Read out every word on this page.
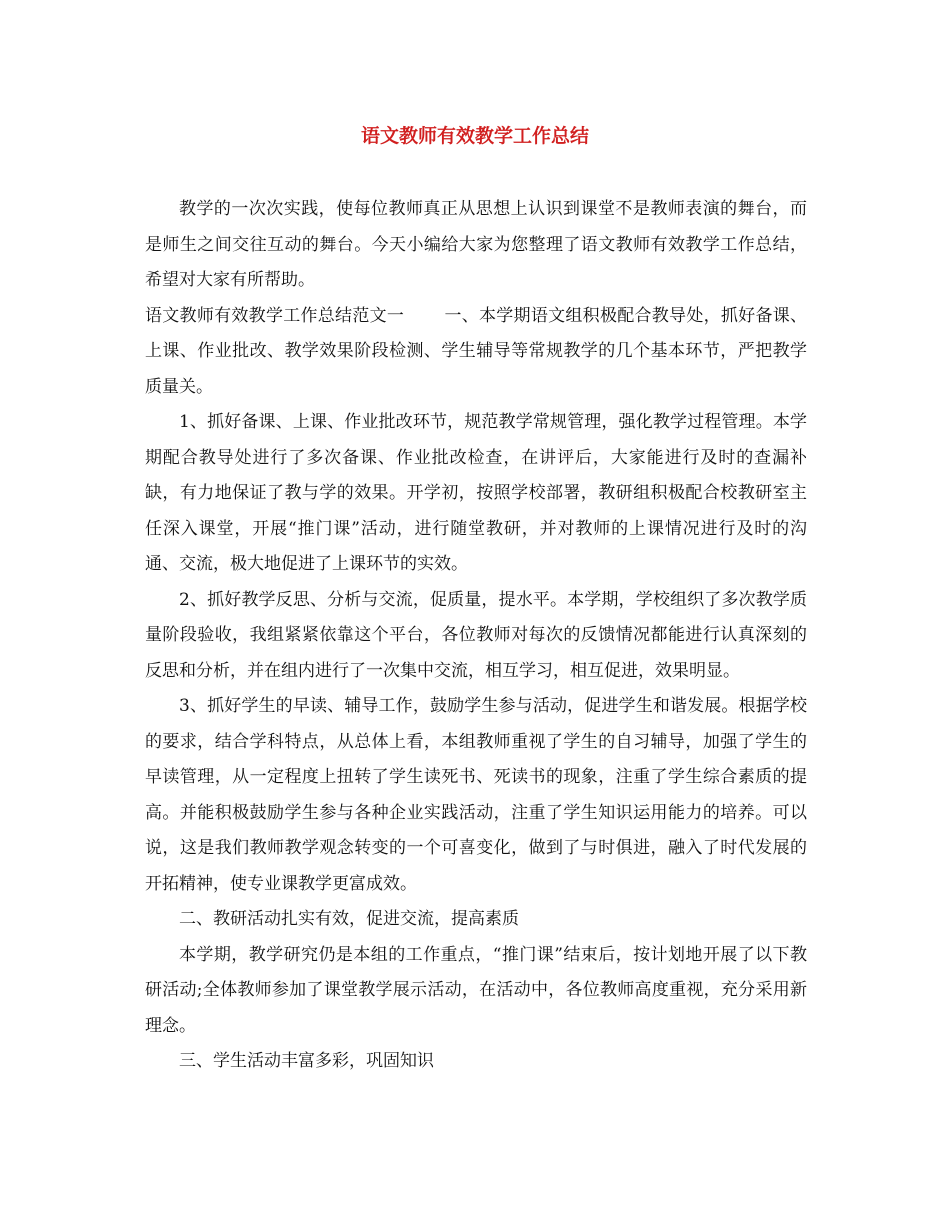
语文教师有效教学工作总结

教学的一次次实践，使每位教师真正从思想上认识到课堂不是教师表演的舞台，而是师生之间交往互动的舞台。今天小编给大家为您整理了语文教师有效教学工作总结，希望对大家有所帮助。

语文教师有效教学工作总结范文一 一、本学期语文组积极配合教导处，抓好备课、上课、作业批改、教学效果阶段检测、学生辅导等常规教学的几个基本环节，严把教学质量关。

1、抓好备课、上课、作业批改环节，规范教学常规管理，强化教学过程管理。本学期配合教导处进行了多次备课、作业批改检查，在讲评后，大家能进行及时的查漏补缺，有力地保证了教与学的效果。开学初，按照学校部署，教研组积极配合校教研室主任深入课堂，开展“推门课”活动，进行随堂教研，并对教师的上课情况进行及时的沟通、交流，极大地促进了上课环节的实效。

2、抓好教学反思、分析与交流，促质量，提水平。本学期，学校组织了多次教学质量阶段验收，我组紧紧依靠这个平台，各位教师对每次的反馈情况都能进行认真深刻的反思和分析，并在组内进行了一次集中交流，相互学习，相互促进，效果明显。

3、抓好学生的早读、辅导工作，鼓励学生参与活动，促进学生和谐发展。根据学校的要求，结合学科特点，从总体上看，本组教师重视了学生的自习辅导，加强了学生的早读管理，从一定程度上扭转了学生读死书、死读书的现象，注重了学生综合素质的提高。并能积极鼓励学生参与各种企业实践活动，注重了学生知识运用能力的培养。可以说，这是我们教师教学观念转变的一个可喜变化，做到了与时俱进，融入了时代发展的开拓精神，使专业课教学更富成效。

二、教研活动扎实有效，促进交流，提高素质

本学期，教学研究仍是本组的工作重点，“推门课”结束后，按计划地开展了以下教研活动;全体教师参加了课堂教学展示活动，在活动中，各位教师高度重视，充分采用新理念。

三、学生活动丰富多彩，巩固知识
